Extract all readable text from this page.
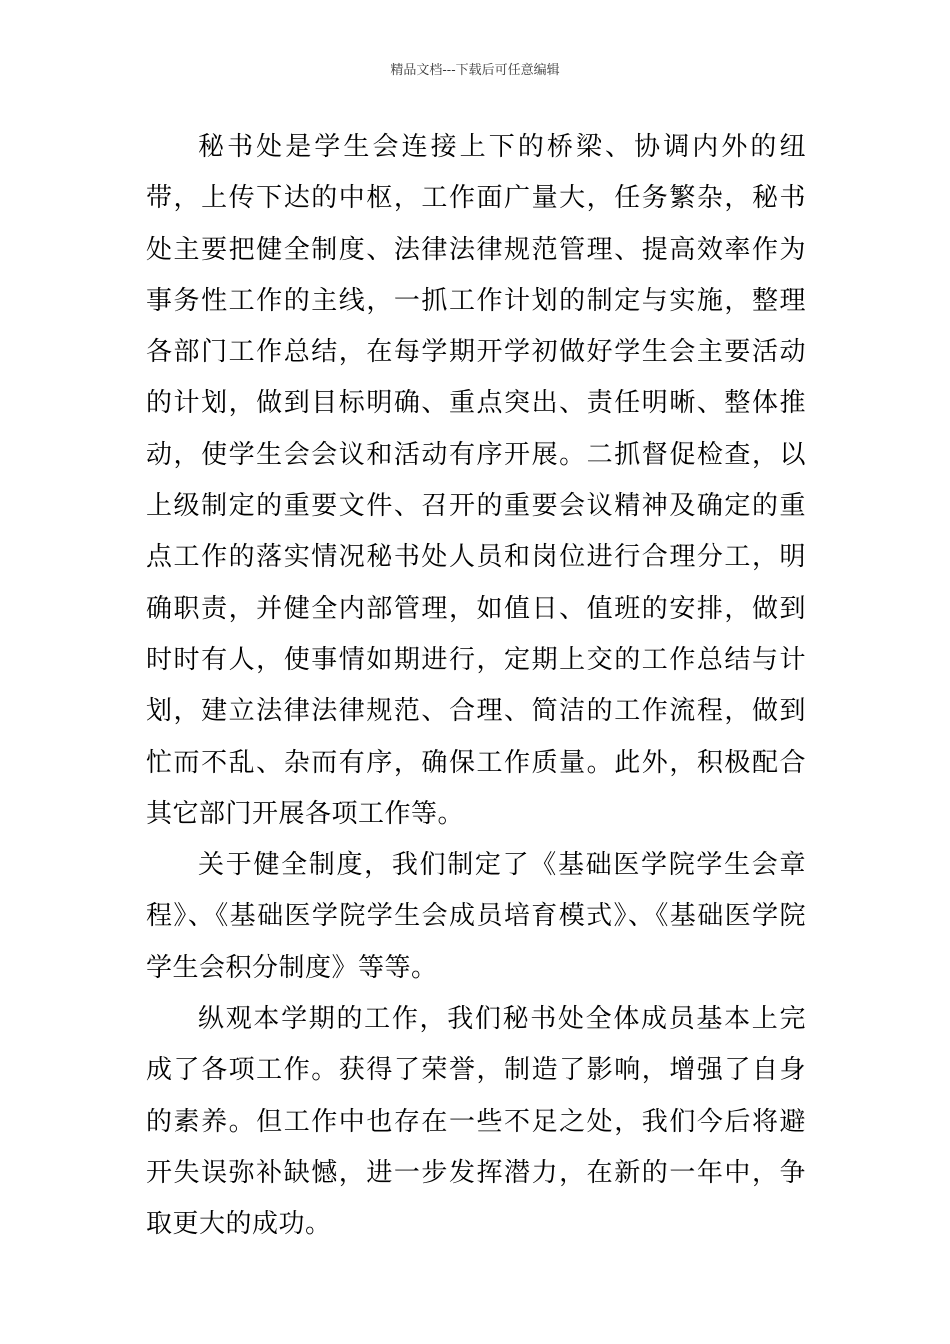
精品文档---下载后可任意编辑

秘书处是学生会连接上下的桥梁、协调内外的纽带，上传下达的中枢，工作面广量大，任务繁杂，秘书处主要把健全制度、法律法律规范管理、提高效率作为事务性工作的主线，一抓工作计划的制定与实施，整理各部门工作总结，在每学期开学初做好学生会主要活动的计划，做到目标明确、重点突出、责任明晰、整体推动，使学生会会议和活动有序开展。二抓督促检查，以上级制定的重要文件、召开的重要会议精神及确定的重点工作的落实情况秘书处人员和岗位进行合理分工，明确职责，并健全内部管理，如值日、值班的安排，做到时时有人，使事情如期进行，定期上交的工作总结与计划，建立法律法律规范、合理、简洁的工作流程，做到忙而不乱、杂而有序，确保工作质量。此外，积极配合其它部门开展各项工作等。

关于健全制度，我们制定了《基础医学院学生会章程》、《基础医学院学生会成员培育模式》、《基础医学院学生会积分制度》等等。

纵观本学期的工作，我们秘书处全体成员基本上完成了各项工作。获得了荣誉，制造了影响，增强了自身的素养。但工作中也存在一些不足之处，我们今后将避开失误弥补缺憾，进一步发挥潜力，在新的一年中，争取更大的成功。
